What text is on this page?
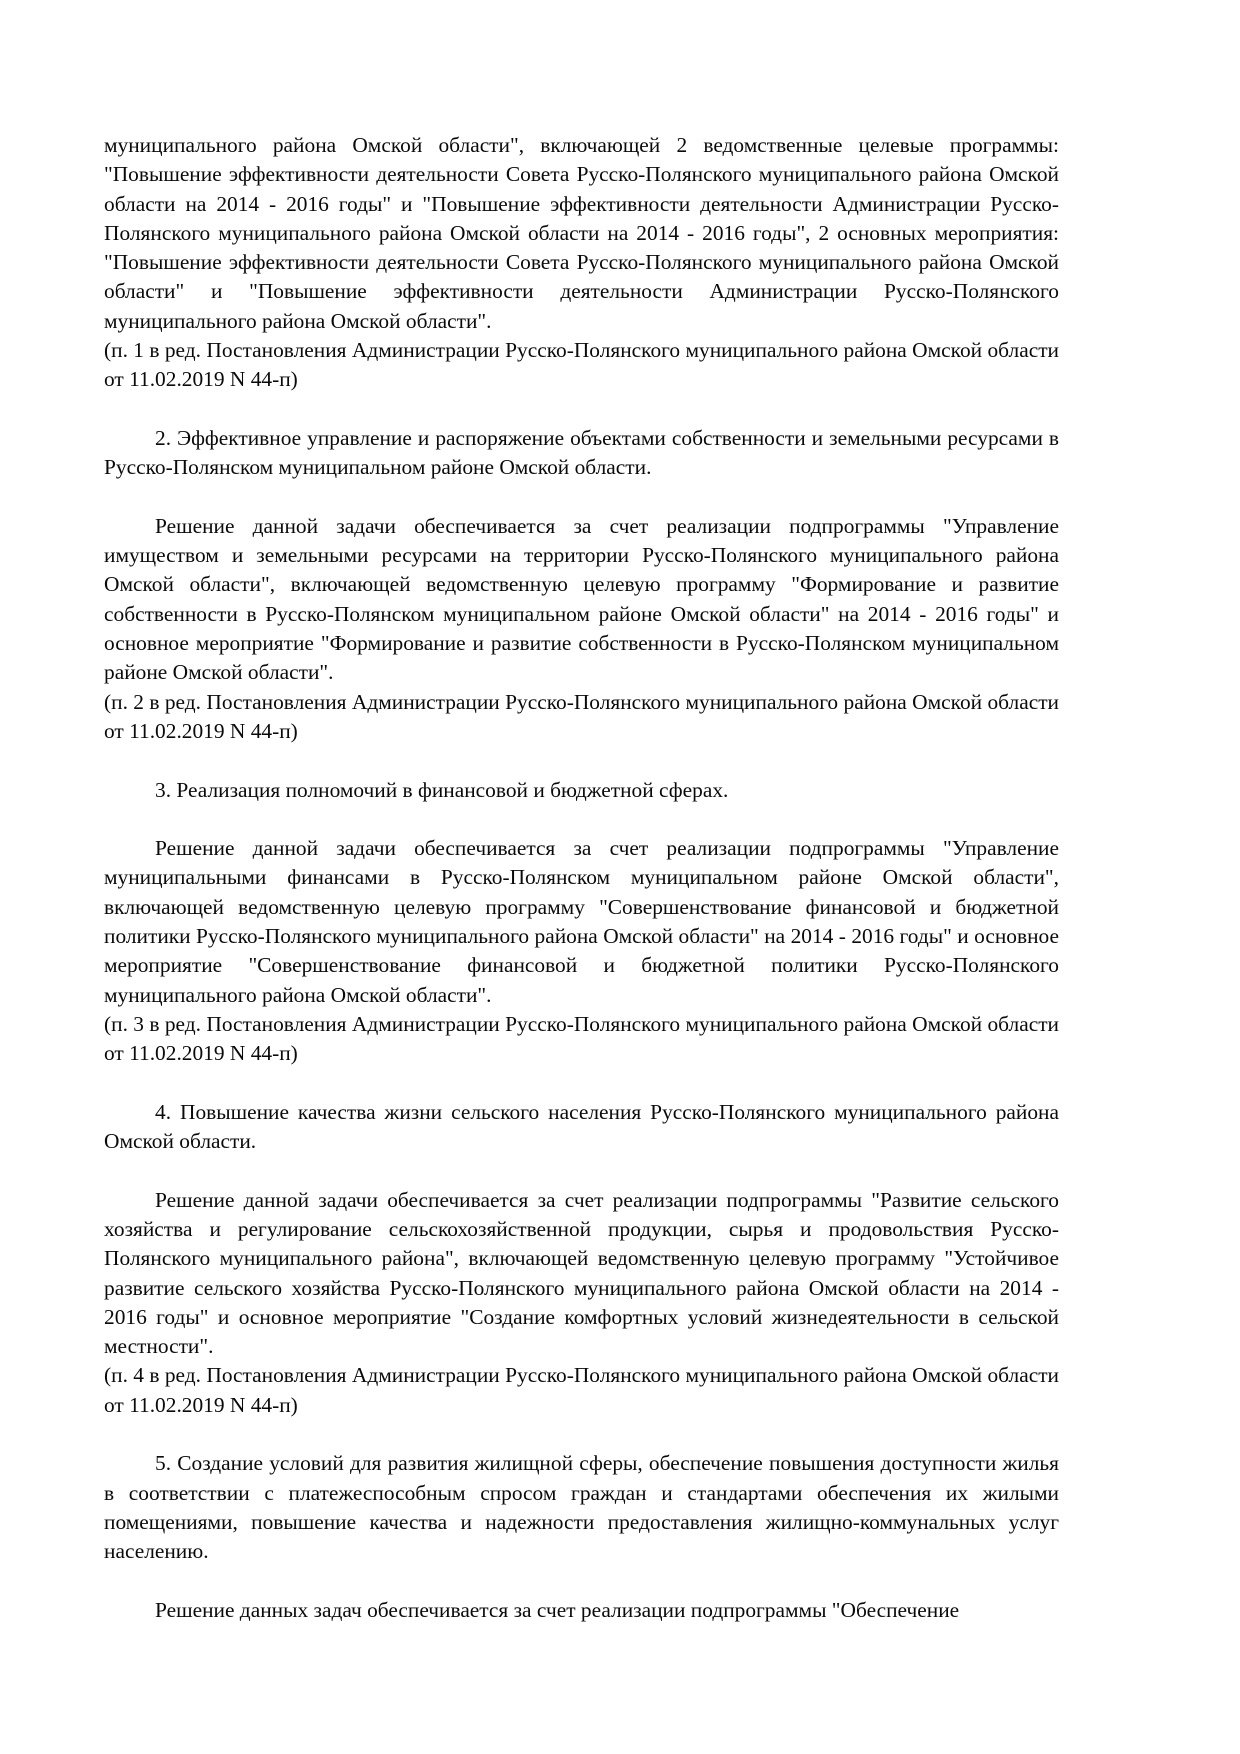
муниципального района Омской области", включающей 2 ведомственные целевые программы: "Повышение эффективности деятельности Совета Русско-Полянского муниципального района Омской области на 2014 - 2016 годы" и "Повышение эффективности деятельности Администрации Русско-Полянского муниципального района Омской области на 2014 - 2016 годы", 2 основных мероприятия: "Повышение эффективности деятельности Совета Русско-Полянского муниципального района Омской области" и "Повышение эффективности деятельности Администрации Русско-Полянского муниципального района Омской области".

(п. 1 в ред. Постановления Администрации Русско-Полянского муниципального района Омской области от 11.02.2019 N 44-п)

2. Эффективное управление и распоряжение объектами собственности и земельными ресурсами в Русско-Полянском муниципальном районе Омской области.

Решение данной задачи обеспечивается за счет реализации подпрограммы "Управление имуществом и земельными ресурсами на территории Русско-Полянского муниципального района Омской области", включающей ведомственную целевую программу "Формирование и развитие собственности в Русско-Полянском муниципальном районе Омской области" на 2014 - 2016 годы" и основное мероприятие "Формирование и развитие собственности в Русско-Полянском муниципальном районе Омской области".

(п. 2 в ред. Постановления Администрации Русско-Полянского муниципального района Омской области от 11.02.2019 N 44-п)

3. Реализация полномочий в финансовой и бюджетной сферах.

Решение данной задачи обеспечивается за счет реализации подпрограммы "Управление муниципальными финансами в Русско-Полянском муниципальном районе Омской области", включающей ведомственную целевую программу "Совершенствование финансовой и бюджетной политики Русско-Полянского муниципального района Омской области" на 2014 - 2016 годы" и основное мероприятие "Совершенствование финансовой и бюджетной политики Русско-Полянского муниципального района Омской области".

(п. 3 в ред. Постановления Администрации Русско-Полянского муниципального района Омской области от 11.02.2019 N 44-п)

4. Повышение качества жизни сельского населения Русско-Полянского муниципального района Омской области.

Решение данной задачи обеспечивается за счет реализации подпрограммы "Развитие сельского хозяйства и регулирование сельскохозяйственной продукции, сырья и продовольствия Русско-Полянского муниципального района", включающей ведомственную целевую программу "Устойчивое развитие сельского хозяйства Русско-Полянского муниципального района Омской области на 2014 - 2016 годы" и основное мероприятие "Создание комфортных условий жизнедеятельности в сельской местности".

(п. 4 в ред. Постановления Администрации Русско-Полянского муниципального района Омской области от 11.02.2019 N 44-п)

5. Создание условий для развития жилищной сферы, обеспечение повышения доступности жилья в соответствии с платежеспособным спросом граждан и стандартами обеспечения их жилыми помещениями, повышение качества и надежности предоставления жилищно-коммунальных услуг населению.

Решение данных задач обеспечивается за счет реализации подпрограммы "Обеспечение
